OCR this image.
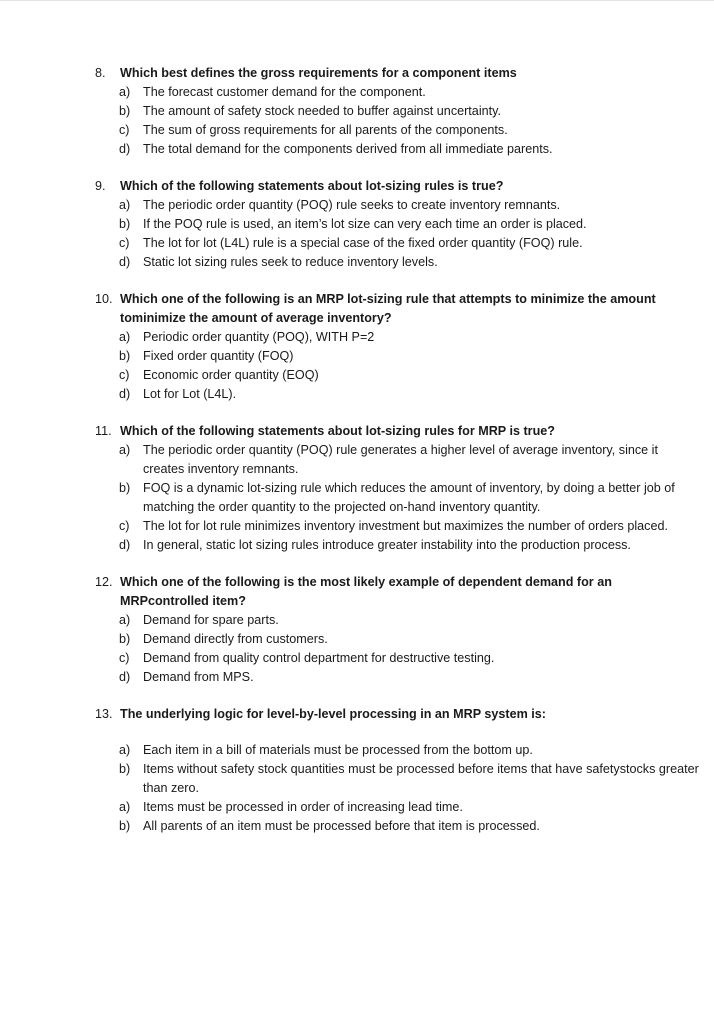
8. Which best defines the gross requirements for a component items
a) The forecast customer demand for the component.
b) The amount of safety stock needed to buffer against uncertainty.
c) The sum of gross requirements for all parents of the components.
d) The total demand for the components derived from all immediate parents.
9. Which of the following statements about lot-sizing rules is true?
a) The periodic order quantity (POQ) rule seeks to create inventory remnants.
b) If the POQ rule is used, an item’s lot size can very each time an order is placed.
c) The lot for lot (L4L) rule is a special case of the fixed order quantity (FOQ) rule.
d) Static lot sizing rules seek to reduce inventory levels.
10. Which one of the following is an MRP lot-sizing rule that attempts to minimize the amount tominimize the amount of average inventory?
a) Periodic order quantity (POQ), WITH P=2
b) Fixed order quantity (FOQ)
c) Economic order quantity (EOQ)
d) Lot for Lot (L4L).
11. Which of the following statements about lot-sizing rules for MRP is true?
a) The periodic order quantity (POQ) rule generates a higher level of average inventory, since it creates inventory remnants.
b) FOQ is a dynamic lot-sizing rule which reduces the amount of inventory, by doing a better job of matching the order quantity to the projected on-hand inventory quantity.
c) The lot for lot rule minimizes inventory investment but maximizes the number of orders placed.
d) In general, static lot sizing rules introduce greater instability into the production process.
12. Which one of the following is the most likely example of dependent demand for an MRPcontrolled item?
a) Demand for spare parts.
b) Demand directly from customers.
c) Demand from quality control department for destructive testing.
d) Demand from MPS.
13. The underlying logic for level-by-level processing in an MRP system is:
a) Each item in a bill of materials must be processed from the bottom up.
b) Items without safety stock quantities must be processed before items that have safetystocks greater than zero.
a) Items must be processed in order of increasing lead time.
b) All parents of an item must be processed before that item is processed.
